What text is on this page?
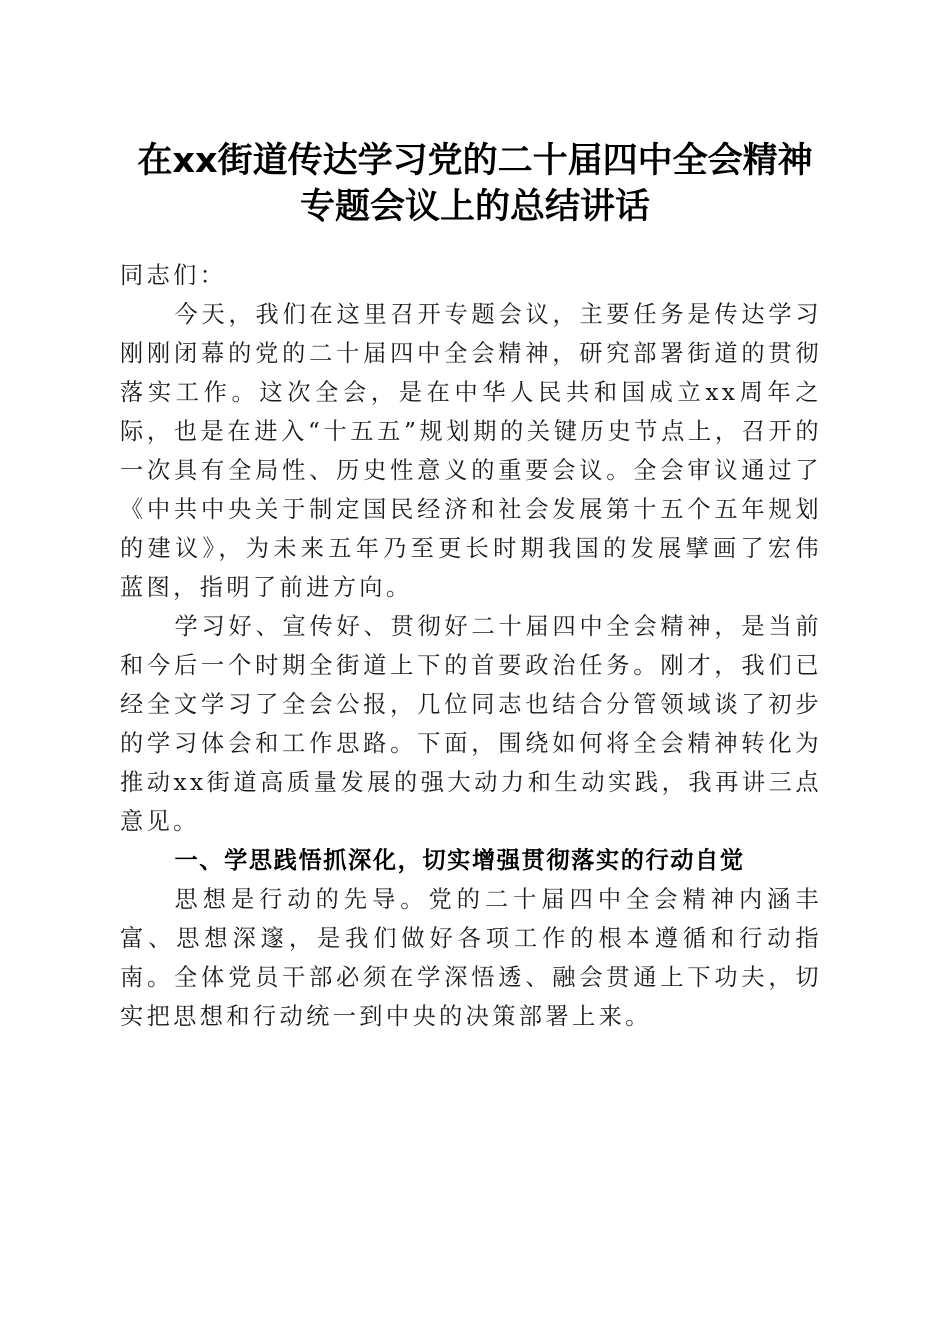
在xx街道传达学习党的二十届四中全会精神
专题会议上的总结讲话

同志们：

今天，我们在这里召开专题会议，主要任务是传达学习刚刚闭幕的党的二十届四中全会精神，研究部署街道的贯彻落实工作。这次全会，是在中华人民共和国成立xx周年之际，也是在进入“十五五”规划期的关键历史节点上，召开的一次具有全局性、历史性意义的重要会议。全会审议通过了《中共中央关于制定国民经济和社会发展第十五个五年规划的建议》，为未来五年乃至更长时期我国的发展擘画了宏伟蓝图，指明了前进方向。

学习好、宣传好、贯彻好二十届四中全会精神，是当前和今后一个时期全街道上下的首要政治任务。刚才，我们已经全文学习了全会公报，几位同志也结合分管领域谈了初步的学习体会和工作思路。下面，围绕如何将全会精神转化为推动xx街道高质量发展的强大动力和生动实践，我再讲三点意见。

一、学思践悟抓深化，切实增强贯彻落实的行动自觉

思想是行动的先导。党的二十届四中全会精神内涵丰富、思想深邃，是我们做好各项工作的根本遵循和行动指南。全体党员干部必须在学深悟透、融会贯通上下功夫，切实把思想和行动统一到中央的决策部署上来。
